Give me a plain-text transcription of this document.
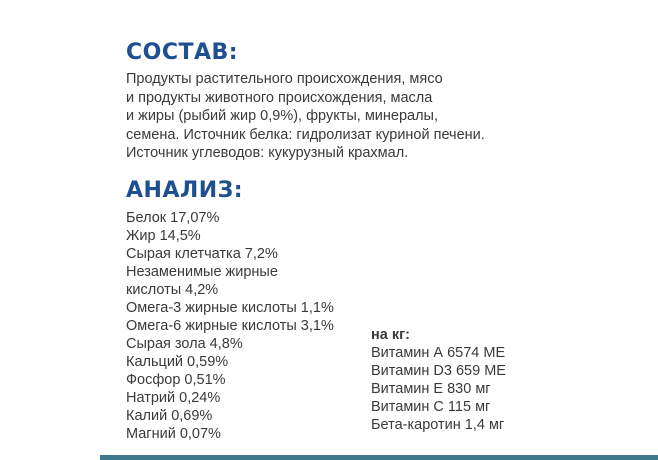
СОСТАВ:

Продукты растительного происхождения, мясо
и продукты животного происхождения, масла
и жиры (рыбий жир 0,9%), фрукты, минералы,
семена. Источник белка: гидролизат куриной печени.
Источник углеводов: кукурузный крахмал.

АНАЛИЗ:
Белок 17,07%
Жир 14,5%
Сырая клетчатка 7,2%
Незаменимые жирные
кислоты 4,2%
Омега-3 жирные кислоты 1,1%
Омега-6 жирные кислоты 3,1%
Сырая зола 4,8%
Кальций 0,59%
Фосфор 0,51%
Натрий 0,24%
Калий 0,69%
Магний 0,07%

на кг:

Витамин А 6574 МЕ
Витамин D3 659 МЕ
Витамин Е 830 мг
Витамин С 115 мг
Бета-каротин 1,4 мг
